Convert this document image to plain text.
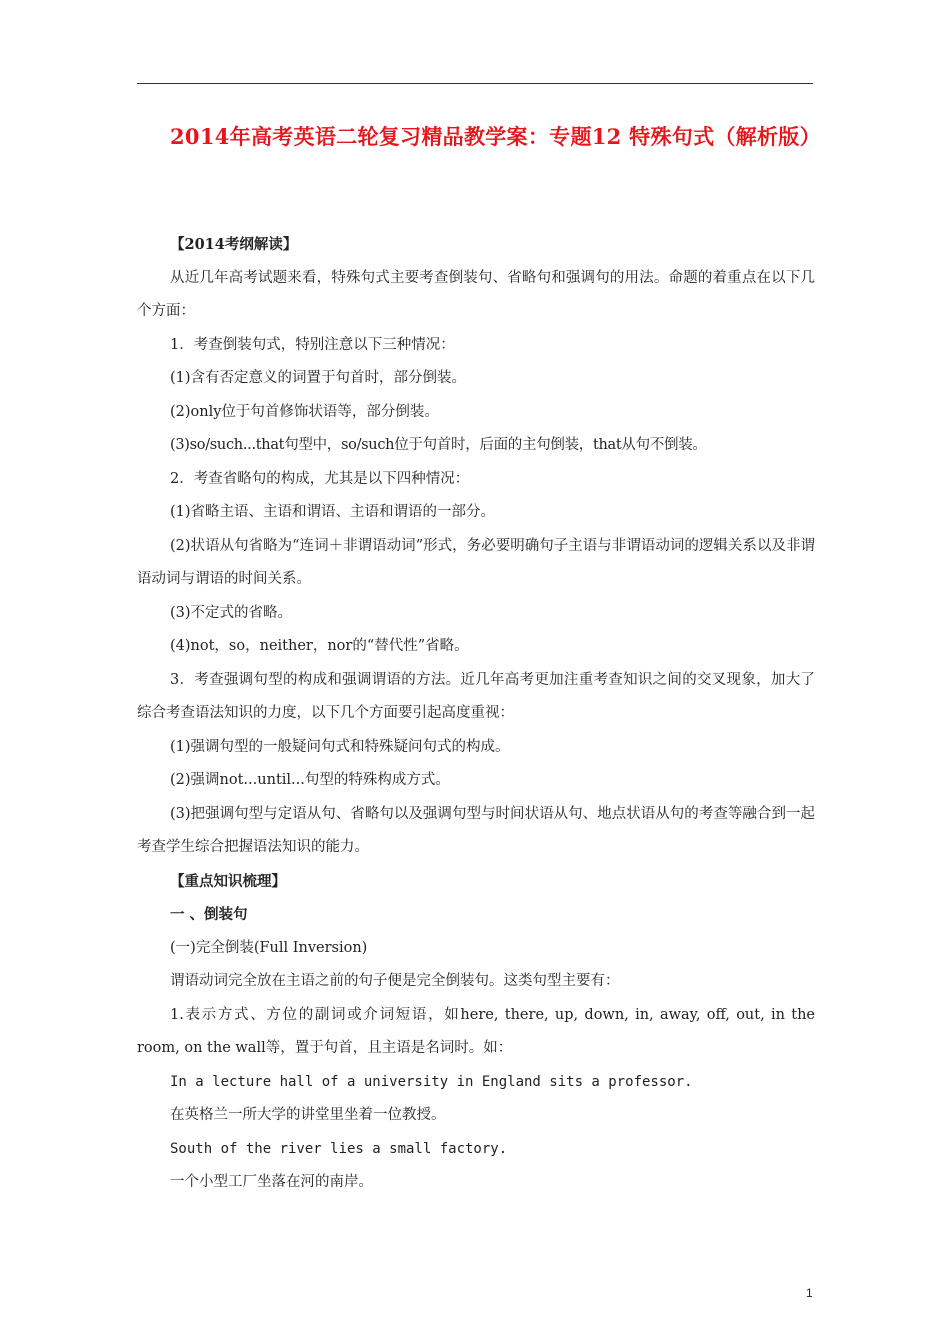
2014年高考英语二轮复习精品教学案：专题12 特殊句式（解析版）

【2014考纲解读】

从近几年高考试题来看，特殊句式主要考查倒装句、省略句和强调句的用法。命题的着重点在以下几个方面：

1．考查倒装句式，特别注意以下三种情况：

(1)含有否定意义的词置于句首时，部分倒装。

(2)only位于句首修饰状语等，部分倒装。

(3)so/such...that句型中，so/such位于句首时，后面的主句倒装，that从句不倒装。

2．考查省略句的构成，尤其是以下四种情况：

(1)省略主语、主语和谓语、主语和谓语的一部分。

(2)状语从句省略为“连词＋非谓语动词”形式，务必要明确句子主语与非谓语动词的逻辑关系以及非谓语动词与谓语的时间关系。

(3)不定式的省略。

(4)not，so，neither，nor的“替代性”省略。

3．考查强调句型的构成和强调谓语的方法。近几年高考更加注重考查知识之间的交叉现象，加大了综合考查语法知识的力度，以下几个方面要引起高度重视：

(1)强调句型的一般疑问句式和特殊疑问句式的构成。

(2)强调not...until...句型的特殊构成方式。

(3)把强调句型与定语从句、省略句以及强调句型与时间状语从句、地点状语从句的考查等融合到一起考查学生综合把握语法知识的能力。

【重点知识梳理】

一 、倒装句

(一)完全倒装(Full Inversion)

谓语动词完全放在主语之前的句子便是完全倒装句。这类句型主要有：

1.表示方式、方位的副词或介词短语，如here, there, up, down, in, away, off, out, in the room, on the wall等，置于句首，且主语是名词时。如：

In a lecture hall of a university in England sits a professor.

在英格兰一所大学的讲堂里坐着一位教授。

South of the river lies a small factory.

一个小型工厂坐落在河的南岸。

1
